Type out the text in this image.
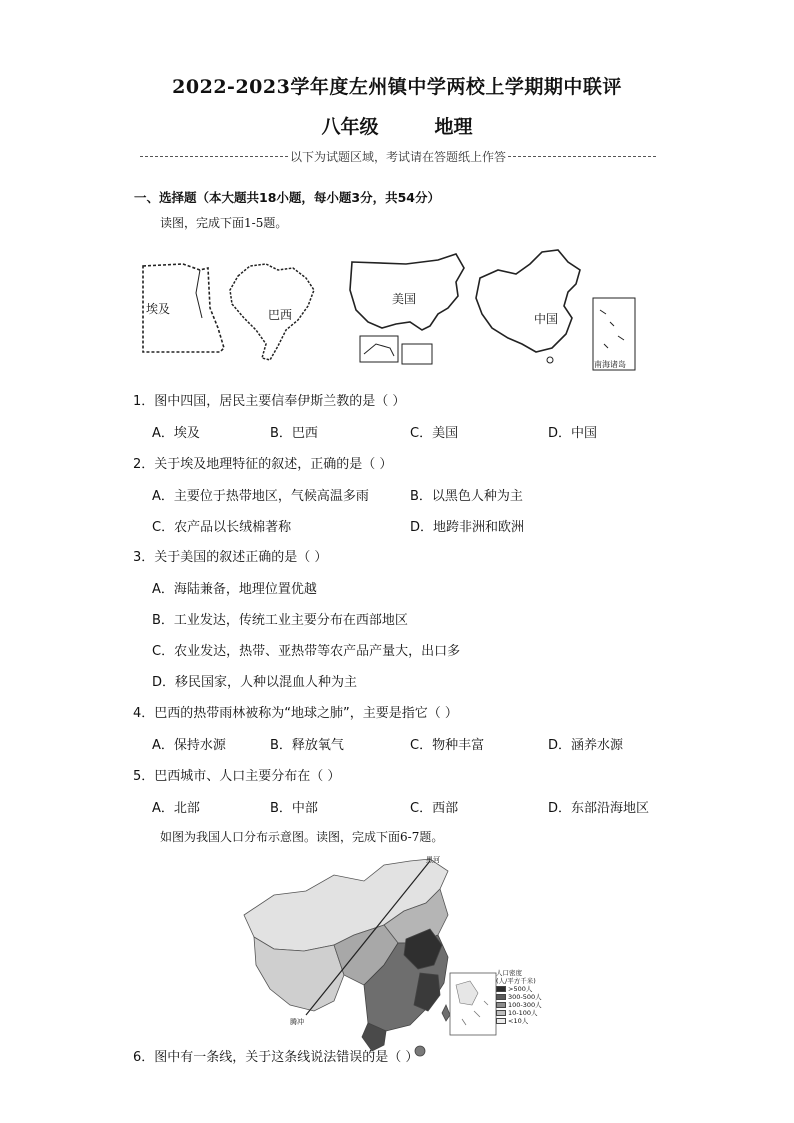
2022-2023学年度左州镇中学两校上学期期中联评
八年级	地理
以下为试题区域，考试请在答题纸上作答
一、选择题（本大题共18小题，每小题3分，共54分）
读图，完成下面1-5题。
埃及	巴西
美国
中国
南海诸岛
1．图中四国，居民主要信奉伊斯兰教的是（ ）
A．埃及	B．巴西	C．美国	D．中国
2．关于埃及地理特征的叙述，正确的是（ ）
A．主要位于热带地区，气候高温多雨	B．以黑色人种为主
C．农产品以长绒棉著称	D．地跨非洲和欧洲
3．关于美国的叙述正确的是（ ）
A．海陆兼备，地理位置优越
B．工业发达，传统工业主要分布在西部地区
C．农业发达，热带、亚热带等农产品产量大，出口多
D．移民国家，人种以混血人种为主
4．巴西的热带雨林被称为“地球之肺”，主要是指它（ ）
A．保持水源	B．释放氧气	C．物种丰富	D．涵养水源
5．巴西城市、人口主要分布在（ ）
A．北部	B．中部	C．西部	D．东部沿海地区
如图为我国人口分布示意图。读图，完成下面6-7题。
黑河
腾冲
人口密度
(人/平方千米)
>500人
300-500人
100-300人
10-100人
<10人
6．图中有一条线，关于这条线说法错误的是（ ）
